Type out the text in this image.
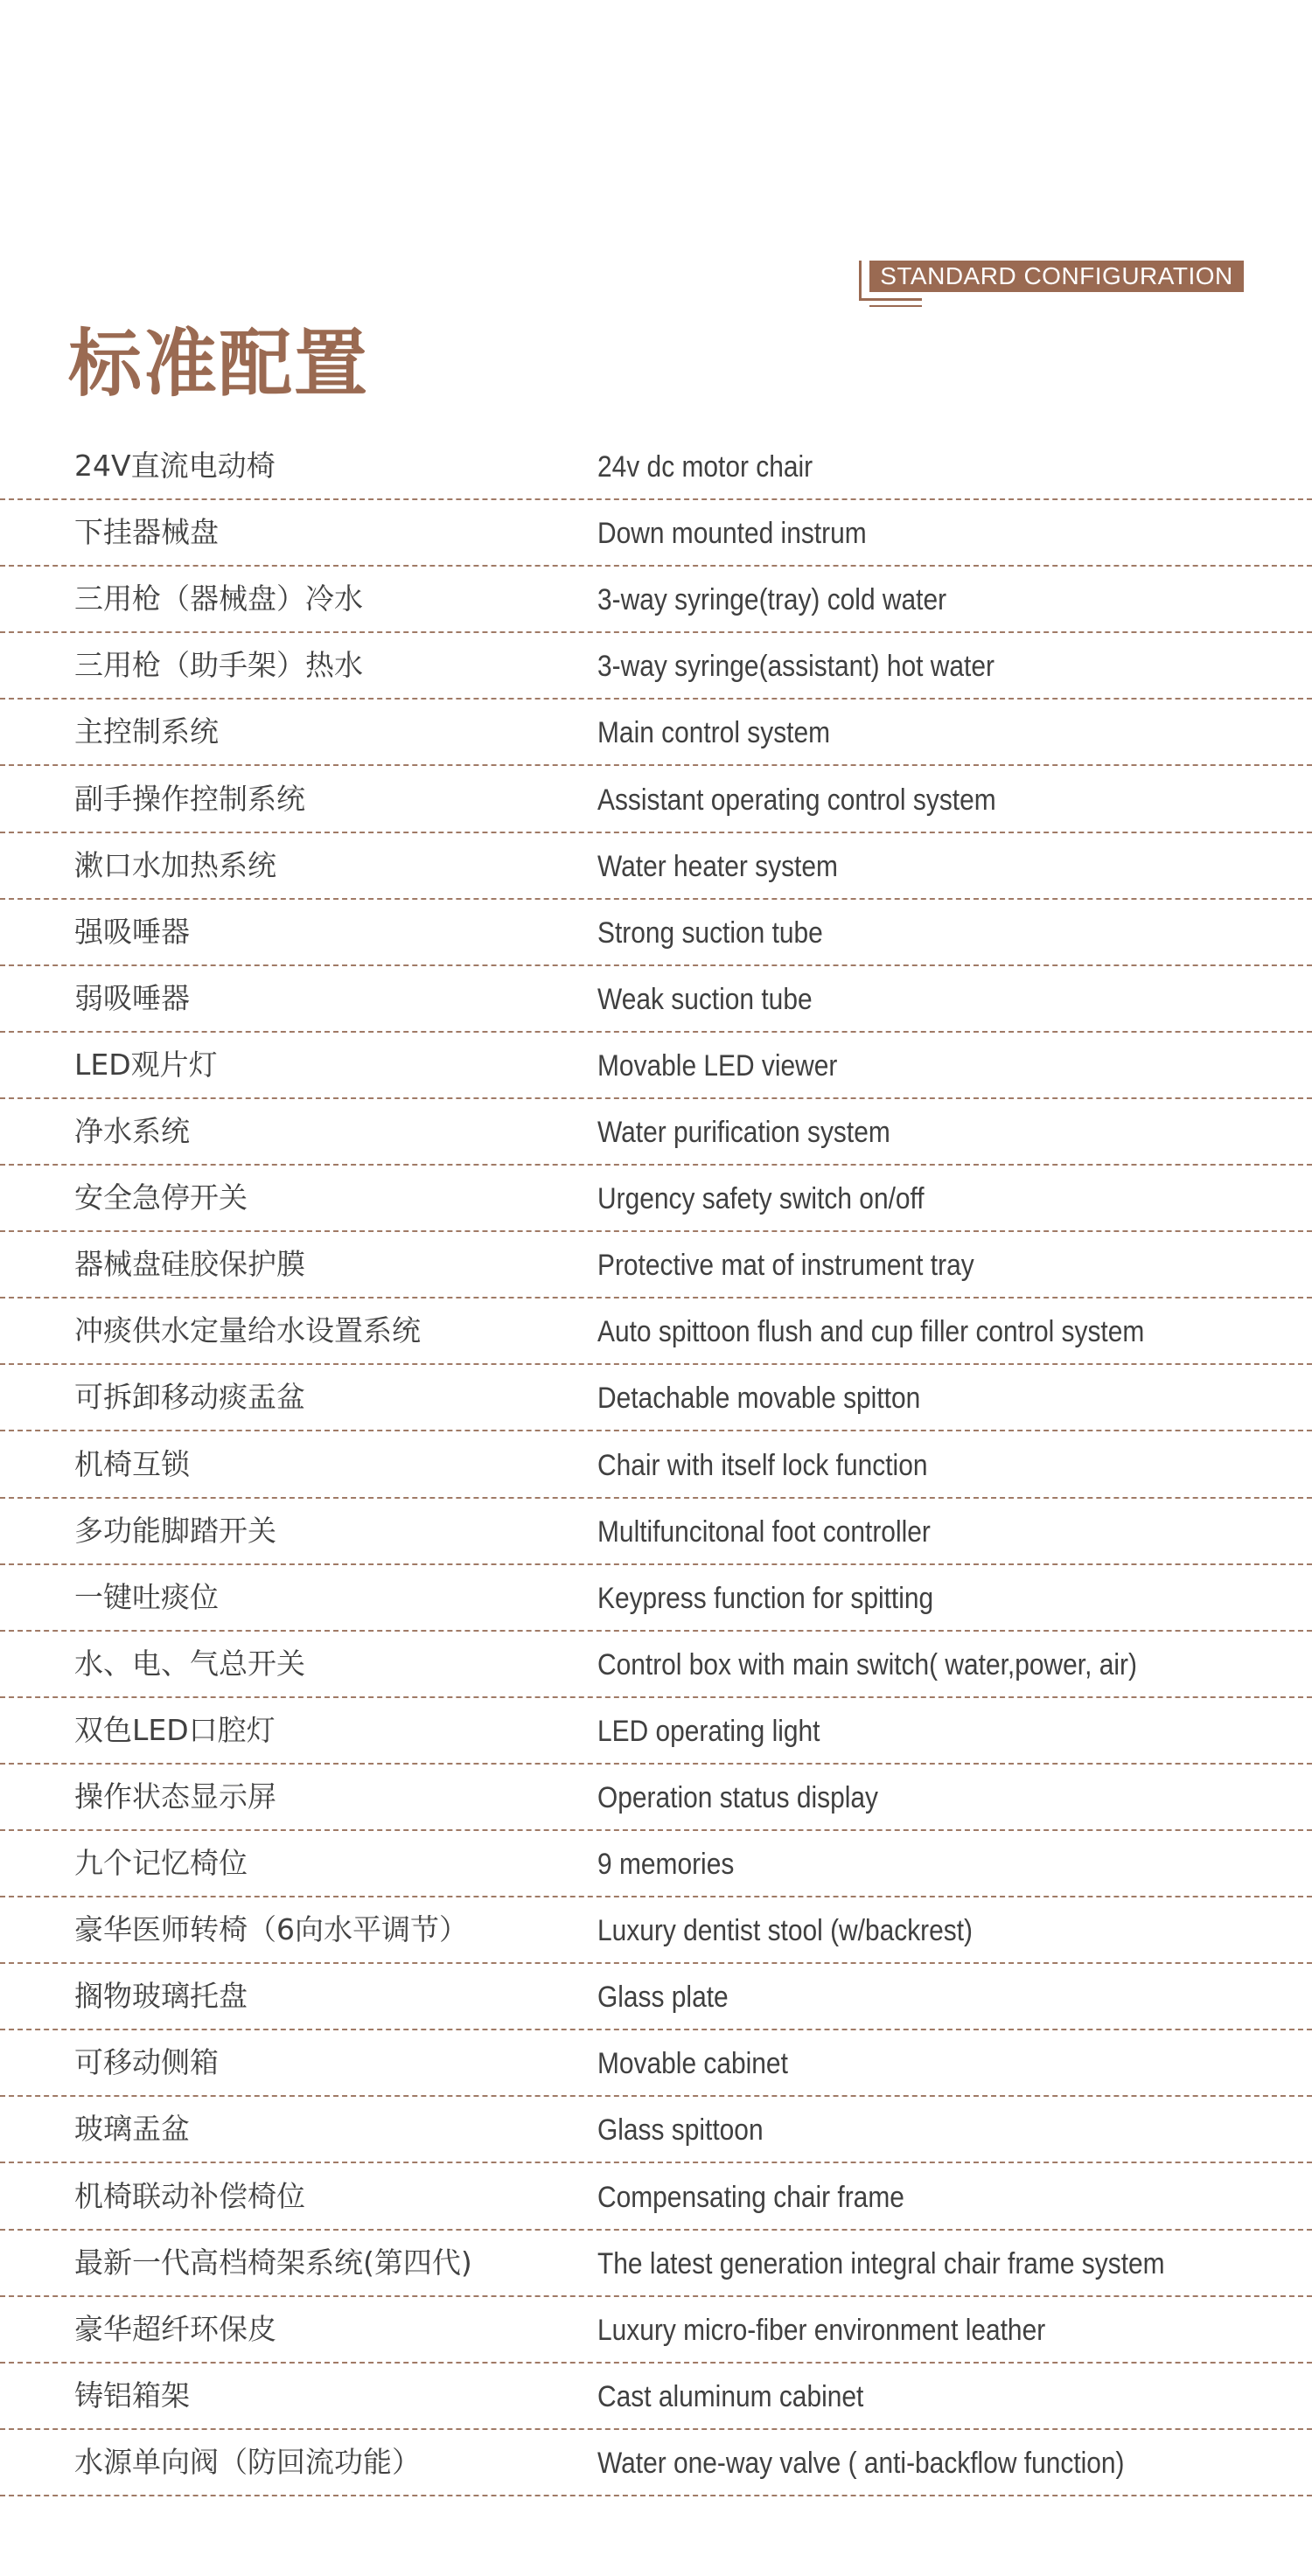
标准配置
STANDARD CONFIGURATION
24V直流电动椅	24v dc motor chair
下挂器械盘	Down mounted instrum
三用枪（器械盘）冷水	3-way syringe(tray) cold water
三用枪（助手架）热水	3-way syringe(assistant) hot water
主控制系统	Main control system
副手操作控制系统	Assistant operating control system
漱口水加热系统	Water heater system
强吸唾器	Strong suction tube
弱吸唾器	Weak suction tube
LED观片灯	Movable LED viewer
净水系统	Water purification system
安全急停开关	Urgency safety switch on/off
器械盘硅胶保护膜	Protective mat of instrument tray
冲痰供水定量给水设置系统	Auto spittoon flush and cup filler control system
可拆卸移动痰盂盆	Detachable movable spitton
机椅互锁	Chair with itself lock function
多功能脚踏开关	Multifuncitonal foot controller
一键吐痰位	Keypress function for spitting
水、电、气总开关	Control box with main switch( water,power, air)
双色LED口腔灯	LED operating light
操作状态显示屏	Operation status display
九个记忆椅位	9 memories
豪华医师转椅（6向水平调节）	Luxury dentist stool (w/backrest)
搁物玻璃托盘	Glass plate
可移动侧箱	Movable cabinet
玻璃盂盆	Glass spittoon
机椅联动补偿椅位	Compensating chair frame
最新一代高档椅架系统(第四代)	The latest generation integral chair frame system
豪华超纤环保皮	Luxury micro-fiber environment leather
铸铝箱架	Cast aluminum cabinet
水源单向阀（防回流功能）	Water one-way valve ( anti-backflow function)
